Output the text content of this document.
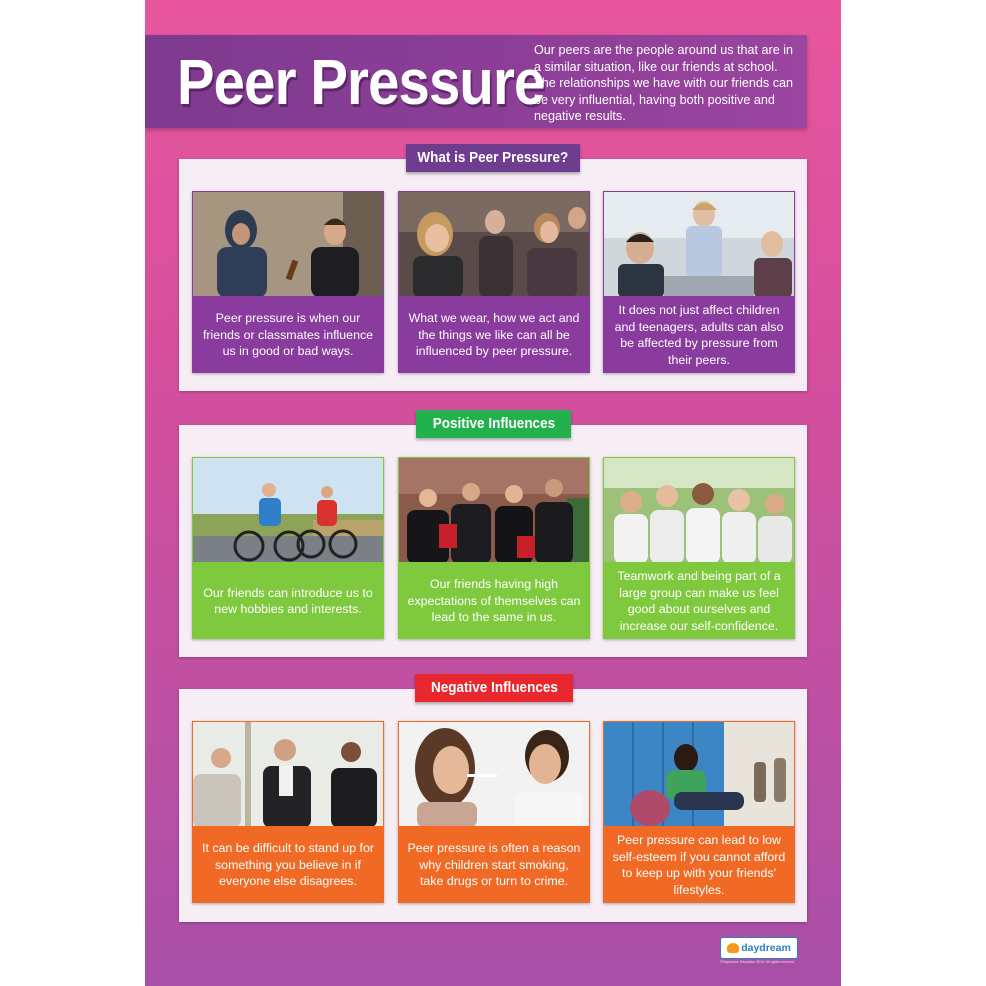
Peer Pressure

Our peers are the people around us that are in a similar situation, like our friends at school. The relationships we have with our friends can be very influential, having both positive and negative results.

What is Peer Pressure?
Peer pressure is when our friends or classmates influence us in good or bad ways.
What we wear, how we act and the things we like can all be influenced by peer pressure.
It does not just affect children and teenagers, adults can also be affected by pressure from their peers.
Positive Influences
Our friends can introduce us to new hobbies and interests.
Our friends having high expectations of themselves can lead to the same in us.
Teamwork and being part of a large group can make us feel good about ourselves and increase our self-confidence.
Negative Influences
It can be difficult to stand up for something you believe in if everyone else disagrees.
Peer pressure is often a reason why children start smoking, take drugs or turn to crime.
Peer pressure can lead to low self-esteem if you cannot afford to keep up with your friends' lifestyles.
daydream

©Daydream Education 2015. All rights reserved.
